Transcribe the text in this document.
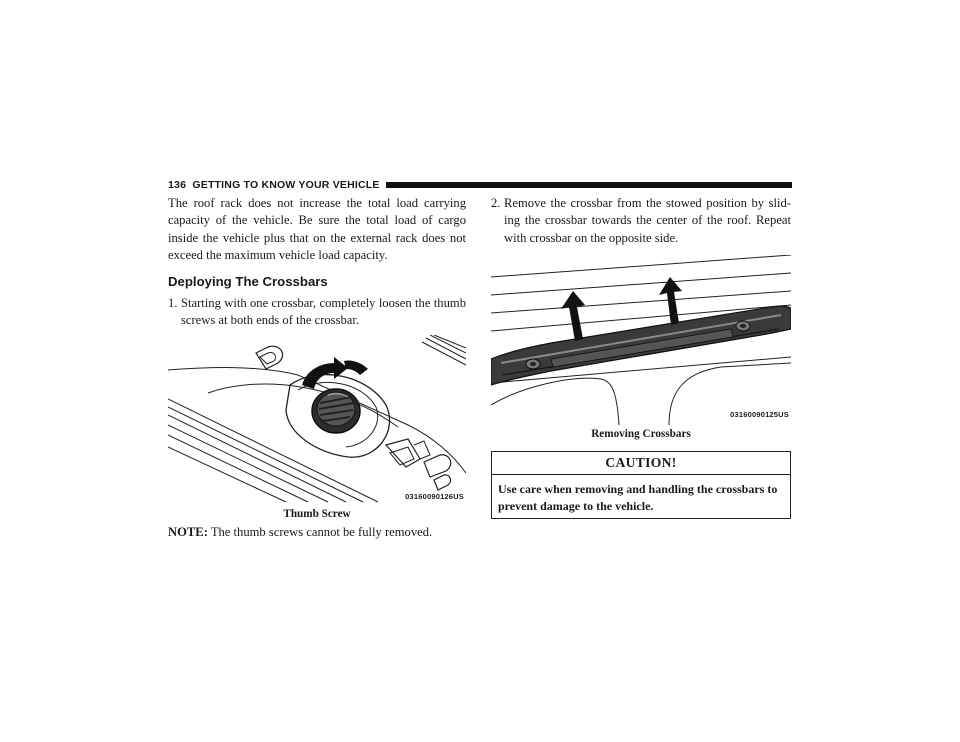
136 GETTING TO KNOW YOUR VEHICLE

The roof rack does not increase the total load carrying capacity of the vehicle. Be sure the total load of cargo inside the vehicle plus that on the external rack does not exceed the maximum vehicle load capacity.

Deploying The Crossbars
1. Starting with one crossbar, completely loosen the thumb screws at both ends of the crossbar.
03160090126US
Thumb Screw
NOTE: The thumb screws cannot be fully removed.
2. Remove the crossbar from the stowed position by slid- ing the crossbar towards the center of the roof. Repeat with crossbar on the opposite side.
03160090125US
Removing Crossbars
CAUTION!
Use care when removing and handling the crossbars to prevent damage to the vehicle.
